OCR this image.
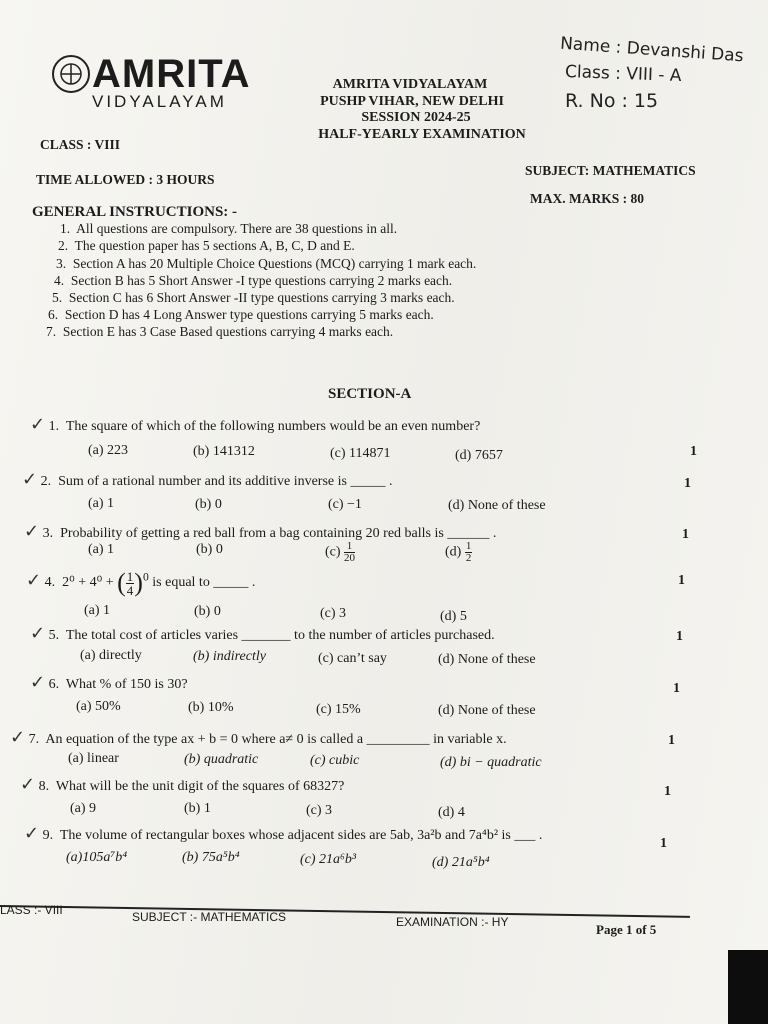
AMRITA
VIDYALAYAM
AMRITA VIDYALAYAM
PUSHP VIHAR, NEW DELHI
SESSION 2024-25
HALF-YEARLY EXAMINATION
Name : Devanshi Das
Class : VIII - A
R. No : 15
CLASS : VIII
SUBJECT: MATHEMATICS
TIME ALLOWED : 3 HOURS
MAX. MARKS : 80
GENERAL INSTRUCTIONS: -
1. All questions are compulsory. There are 38 questions in all.
2. The question paper has 5 sections A, B, C, D and E.
3. Section A has 20 Multiple Choice Questions (MCQ) carrying 1 mark each.
4. Section B has 5 Short Answer -I type questions carrying 2 marks each.
5. Section C has 6 Short Answer -II type questions carrying 3 marks each.
6. Section D has 4 Long Answer type questions carrying 5 marks each.
7. Section E has 3 Case Based questions carrying 4 marks each.
SECTION-A
✓ 1. The square of which of the following numbers would be an even number?
(a) 223	(b) 141312	(c) 114871	(d) 7657	1
✓ 2. Sum of a rational number and its additive inverse is _____ .
(a) 1	(b) 0	(c) −1	(d) None of these
1
✓ 3. Probability of getting a red ball from a bag containing 20 red balls is ______ .
(a) 1	(b) 0	$(c) \frac{1}{20}$	$(d) \frac{1}{2}$
1
✓ 4. 2⁰ + 4⁰ + ( $\frac{1}{4} )^0$ is equal to _____ .
(a) 1	(b) 0	(c) 3	(d) 5
1
✓ 5. The total cost of articles varies _______ to the number of articles purchased.
(a) directly	(b) indirectly	(c) can’t say	(d) None of these
1
✓ 6. What % of 150 is 30?
(a) 50%	(b) 10%	(c) 15%	(d) None of these
1
✓ 7. An equation of the type ax + b = 0 where a≠ 0 is called a _________ in variable x.
(a) linear	(b) quadratic	(c) cubic	(d) bi − quadratic
1
✓ 8. What will be the unit digit of the squares of 68327?
(a) 9	(b) 1	(c) 3	(d) 4
1
✓ 9. The volume of rectangular boxes whose adjacent sides are 5ab, 3a²b and 7a⁴b² is ___ .
(a)105a⁷b⁴	(b) 75a⁵b⁴	(c) 21a⁶b³	(d) 21a⁵b⁴
1
LASS :- VIII	SUBJECT :- MATHEMATICS	EXAMINATION :- HY	Page 1 of 5
